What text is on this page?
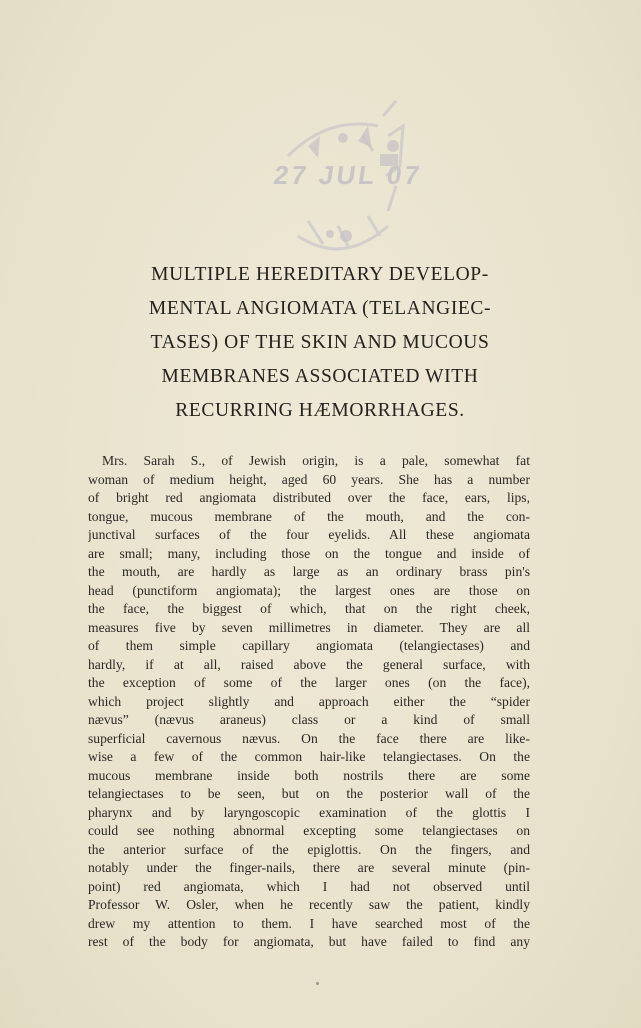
27 JUL 07
MULTIPLE HEREDITARY DEVELOP-
MENTAL ANGIOMATA (TELANGIEC-
TASES) OF THE SKIN AND MUCOUS
MEMBRANES ASSOCIATED WITH
RECURRING HÆMORRHAGES.
Mrs. Sarah S., of Jewish origin, is a pale, somewhat fat
woman of medium height, aged 60 years. She has a number
of bright red angiomata distributed over the face, ears, lips,
tongue, mucous membrane of the mouth, and the con-
junctival surfaces of the four eyelids. All these angiomata
are small; many, including those on the tongue and inside of
the mouth, are hardly as large as an ordinary brass pin's
head (punctiform angiomata); the largest ones are those on
the face, the biggest of which, that on the right cheek,
measures five by seven millimetres in diameter. They are all
of them simple capillary angiomata (telangiectases) and
hardly, if at all, raised above the general surface, with
the exception of some of the larger ones (on the face),
which project slightly and approach either the “spider
nævus” (nævus araneus) class or a kind of small
superficial cavernous nævus. On the face there are like-
wise a few of the common hair-like telangiectases. On the
mucous membrane inside both nostrils there are some
telangiectases to be seen, but on the posterior wall of the
pharynx and by laryngoscopic examination of the glottis I
could see nothing abnormal excepting some telangiectases on
the anterior surface of the epiglottis. On the fingers, and
notably under the finger-nails, there are several minute (pin-
point) red angiomata, which I had not observed until
Professor W. Osler, when he recently saw the patient, kindly
drew my attention to them. I have searched most of the
rest of the body for angiomata, but have failed to find any
